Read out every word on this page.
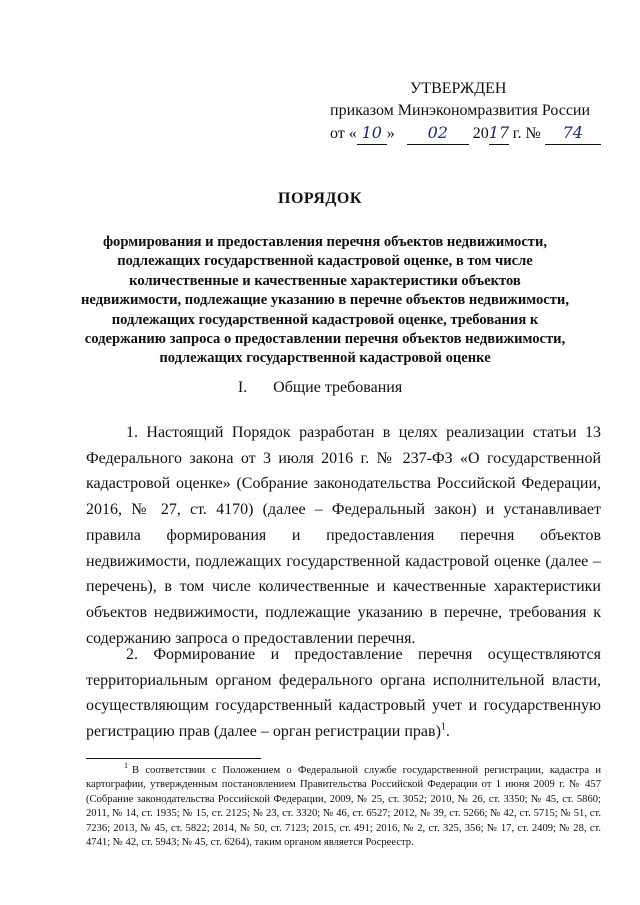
УТВЕРЖДЕН
приказом Минэкономразвития России
от « 10 » 02 2017 г. № 74
ПОРЯДОК
формирования и предоставления перечня объектов недвижимости, подлежащих государственной кадастровой оценке, в том числе количественные и качественные характеристики объектов недвижимости, подлежащие указанию в перечне объектов недвижимости, подлежащих государственной кадастровой оценке, требования к содержанию запроса о предоставлении перечня объектов недвижимости, подлежащих государственной кадастровой оценке
I. Общие требования
1. Настоящий Порядок разработан в целях реализации статьи 13 Федерального закона от 3 июля 2016 г. № 237-ФЗ «О государственной кадастровой оценке» (Собрание законодательства Российской Федерации, 2016, № 27, ст. 4170) (далее – Федеральный закон) и устанавливает правила формирования и предоставления перечня объектов недвижимости, подлежащих государственной кадастровой оценке (далее – перечень), в том числе количественные и качественные характеристики объектов недвижимости, подлежащие указанию в перечне, требования к содержанию запроса о предоставлении перечня.
2. Формирование и предоставление перечня осуществляются территориальным органом федерального органа исполнительной власти, осуществляющим государственный кадастровый учет и государственную регистрацию прав (далее – орган регистрации прав)$^1$.
$^1$ В соответствии с Положением о Федеральной службе государственной регистрации, кадастра и картографии, утвержденным постановлением Правительства Российской Федерации от 1 июня 2009 г. № 457 (Собрание законодательства Российской Федерации, 2009, № 25, ст. 3052; 2010, № 26, ст. 3350; № 45, ст. 5860; 2011, № 14, ст. 1935; № 15, ст. 2125; № 23, ст. 3320; № 46, ст. 6527; 2012, № 39, ст. 5266; № 42, ст. 5715; № 51, ст. 7236; 2013, № 45, ст. 5822; 2014, № 50, ст. 7123; 2015, ст. 491; 2016, № 2, ст. 325, 356; № 17, ст. 2409; № 28, ст. 4741; № 42, ст. 5943; № 45, ст. 6264), таким органом является Росреестр.
